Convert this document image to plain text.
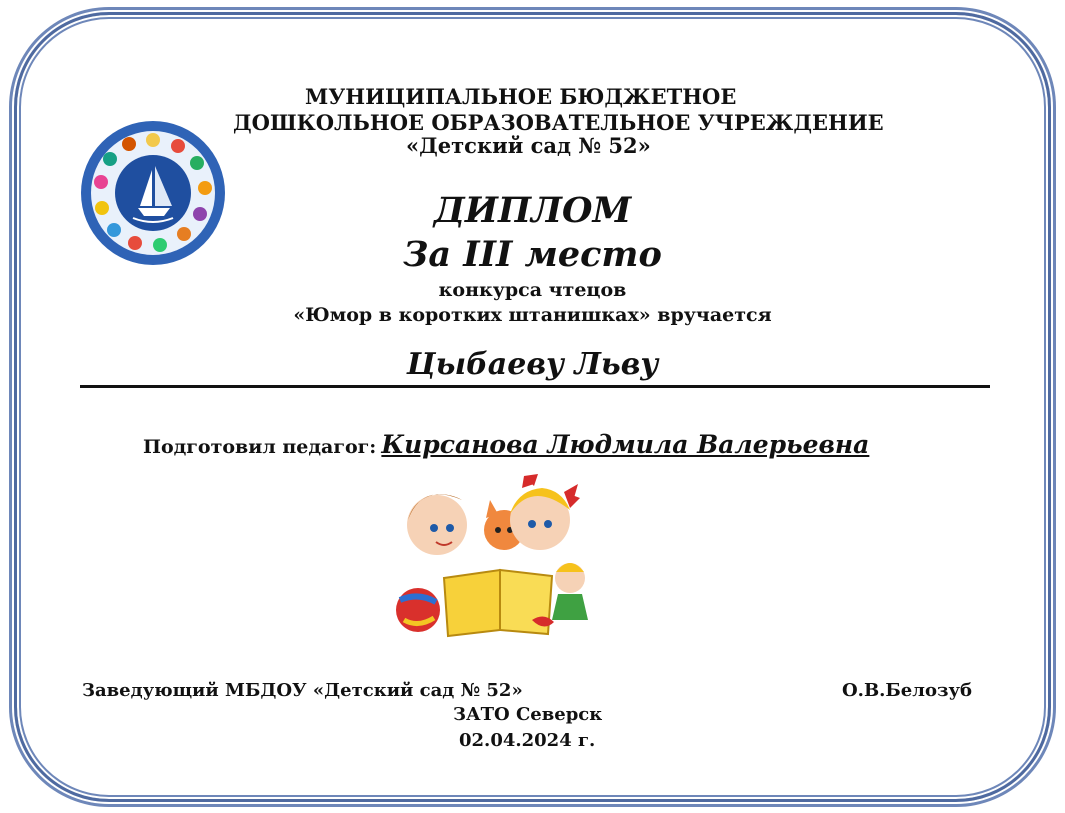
МУНИЦИПАЛЬНОЕ БЮДЖЕТНОЕ
ДОШКОЛЬНОЕ ОБРАЗОВАТЕЛЬНОЕ УЧРЕЖДЕНИЕ
«Детский сад № 52»
ДИПЛОМ
За III место
конкурса чтецов
«Юмор в коротких штанишках» вручается
Цыбаеву Льву
Подготовил педагог: Кирсанова Людмила Валерьевна
Заведующий МБДОУ «Детский сад № 52»	О.В.Белозуб
ЗАТО Северск
02.04.2024 г.
